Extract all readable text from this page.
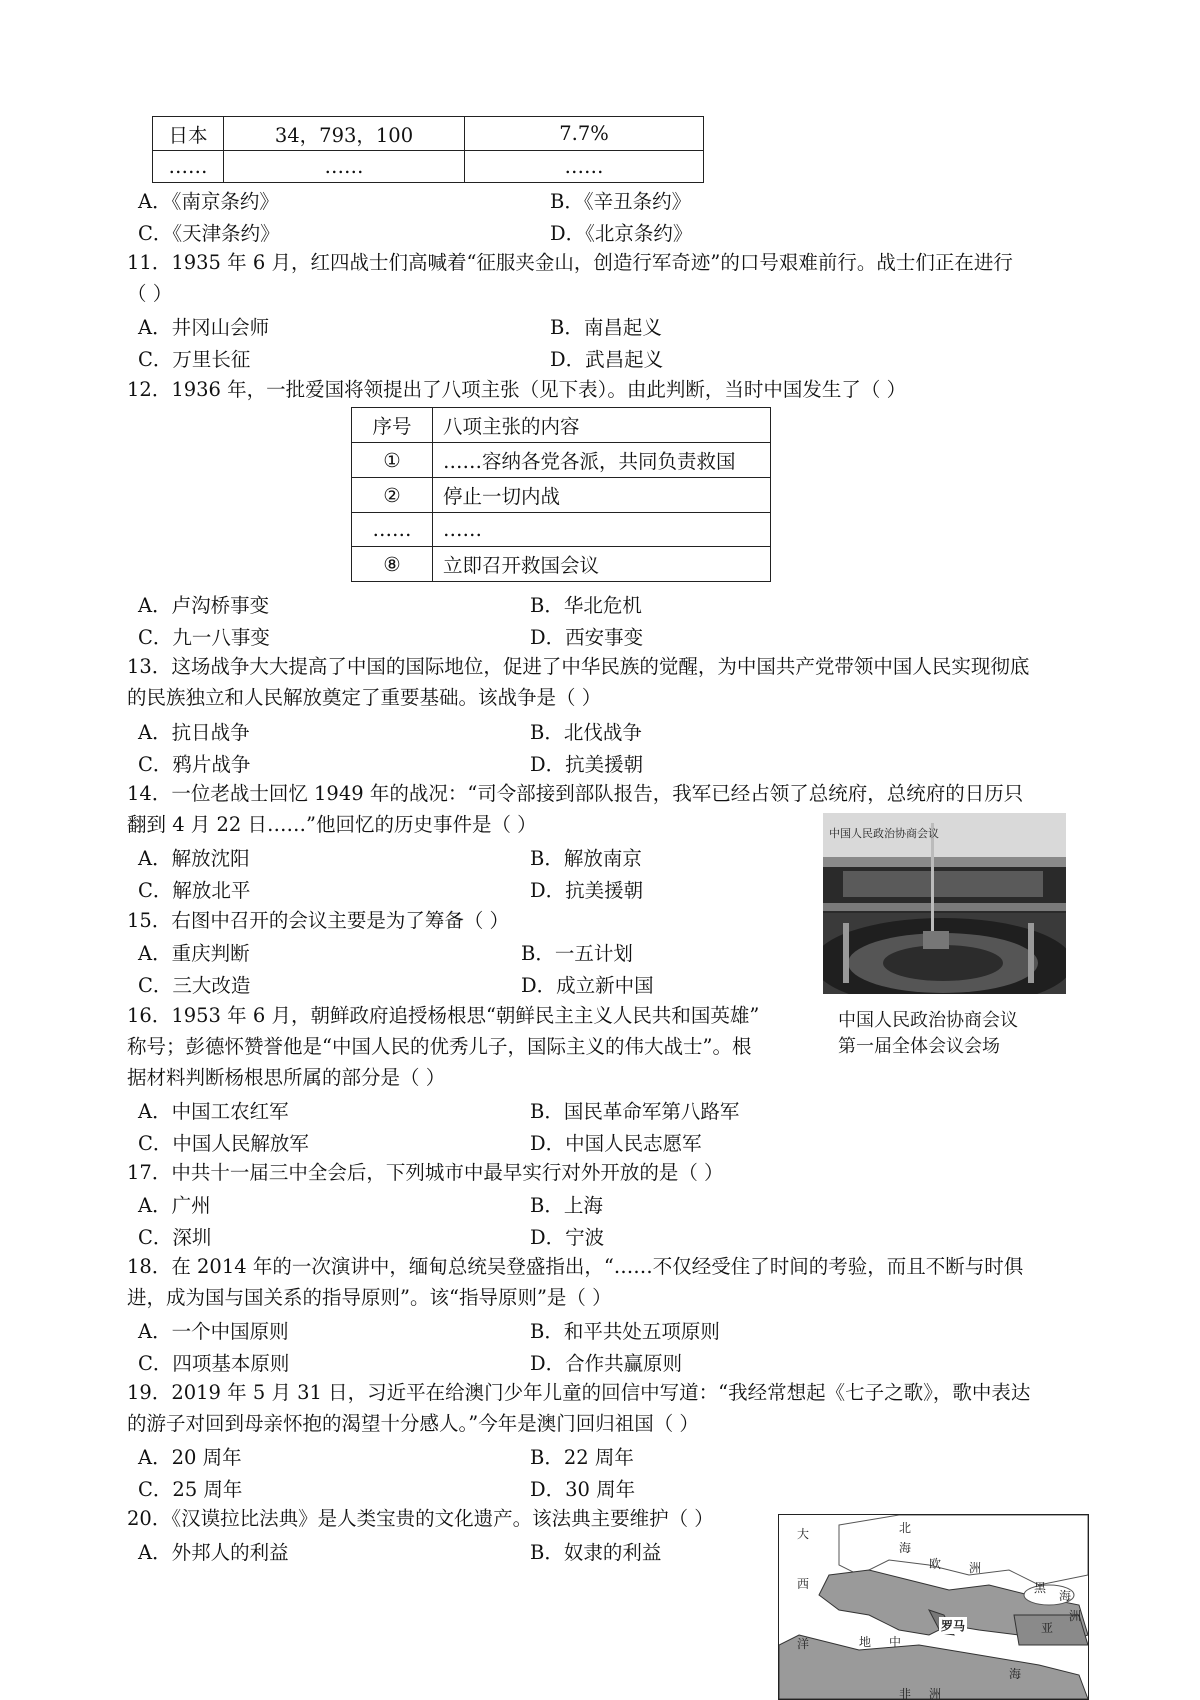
日本	34，793，100	7.7%
……	……	……
A．《南京条约》	B．《辛丑条约》
C．《天津条约》	D．《北京条约》
11．1935 年 6 月，红四战士们高喊着“征服夹金山，创造行军奇迹”的口号艰难前行。战士们正在进行
（ ）
A．井冈山会师	B．南昌起义
C．万里长征	D．武昌起义
12．1936 年，一批爱国将领提出了八项主张（见下表）。由此判断，当时中国发生了（ ）
序号	八项主张的内容
①	……容纳各党各派，共同负责救国
②	停止一切内战
……	……
⑧	立即召开救国会议
A．卢沟桥事变	B．华北危机
C．九一八事变	D．西安事变
13．这场战争大大提高了中国的国际地位，促进了中华民族的觉醒，为中国共产党带领中国人民实现彻底
的民族独立和人民解放奠定了重要基础。该战争是（ ）
A．抗日战争	B．北伐战争
C．鸦片战争	D．抗美援朝
14．一位老战士回忆 1949 年的战况：“司令部接到部队报告，我军已经占领了总统府，总统府的日历只
翻到 4 月 22 日……”他回忆的历史事件是（ ）
A．解放沈阳	B．解放南京
C．解放北平	D．抗美援朝
中国人民政治协商会议
中国人民政治协商会议
第一届全体会议会场
15．右图中召开的会议主要是为了筹备（ ）
A．重庆判断	B．一五计划
C．三大改造	D．成立新中国
16．1953 年 6 月，朝鲜政府追授杨根思“朝鲜民主主义人民共和国英雄”
称号；彭德怀赞誉他是“中国人民的优秀儿子，国际主义的伟大战士”。根
据材料判断杨根思所属的部分是（ ）
A．中国工农红军	B．国民革命军第八路军
C．中国人民解放军	D．中国人民志愿军
17．中共十一届三中全会后，下列城市中最早实行对外开放的是（ ）
A．广州	B．上海
C．深圳	D．宁波
18．在 2014 年的一次演讲中，缅甸总统吴登盛指出，“……不仅经受住了时间的考验，而且不断与时俱
进，成为国与国关系的指导原则”。该“指导原则”是（ ）
A．一个中国原则	B．和平共处五项原则
C．四项基本原则	D．合作共赢原则
19．2019 年 5 月 31 日，习近平在给澳门少年儿童的回信中写道：“我经常想起《七子之歌》，歌中表达
的游子对回到母亲怀抱的渴望十分感人。”今年是澳门回归祖国（ ）
A．20 周年	B．22 周年
C．25 周年	D．30 周年
20．《汉谟拉比法典》是人类宝贵的文化遗产。该法典主要维护（ ）
A．外邦人的利益	B．奴隶的利益
大	北
海
西
洋
欧 洲
地 中
罗马
黑
海
亚
洲
非 洲
海
